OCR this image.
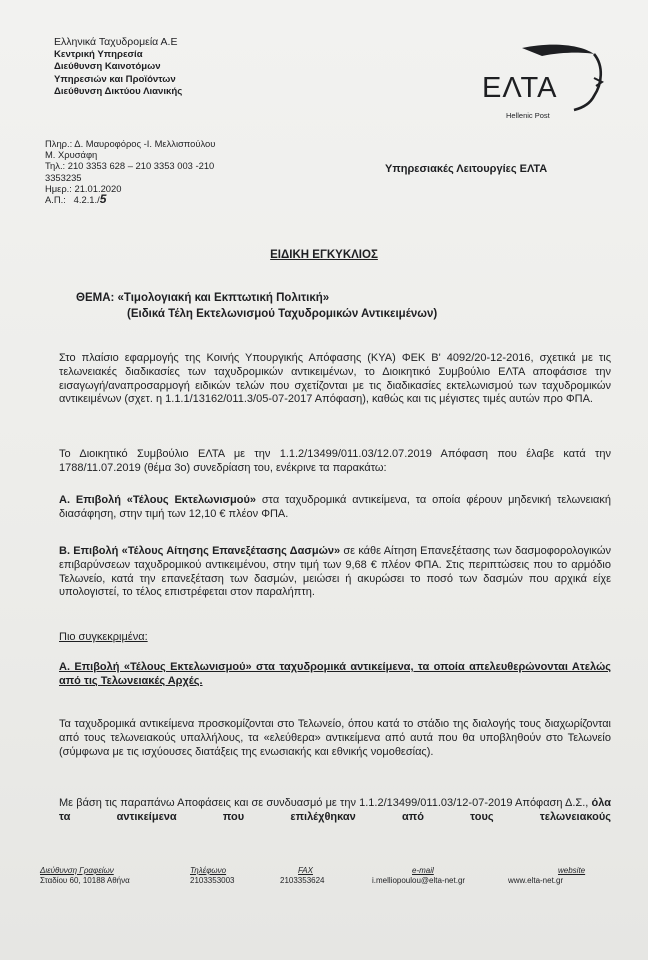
Ελληνικά Ταχυδρομεία Α.Ε
Κεντρική Υπηρεσία
Διεύθυνση Καινοτόμων
Υπηρεσιών και Προϊόντων
Διεύθυνση Δικτύου Λιανικής	ΕΛΤΑ
Hellenic Post
Πληρ.: Δ. Μαυροφόρος -Ι. Μελλισπούλου
Μ. Χρυσάφη
Τηλ.: 210 3353 628 – 210 3353 003 -210
3353235
Ημερ.: 21.01.2020
Α.Π.: 4.2.1./5
Υπηρεσιακές Λειτουργίες ΕΛΤΑ
ΕΙΔΙΚΗ ΕΓΚΥΚΛΙΟΣ
ΘΕΜΑ: «Τιμολογιακή και Εκπτωτική Πολιτική»
(Ειδικά Τέλη Εκτελωνισμού Ταχυδρομικών Αντικειμένων)
Στο πλαίσιο εφαρμογής της Κοινής Υπουργικής Απόφασης (ΚΥΑ) ΦΕΚ Β' 4092/20-12-2016, σχετικά με τις τελωνειακές διαδικασίες των ταχυδρομικών αντικειμένων, το Διοικητικό Συμβούλιο ΕΛΤΑ αποφάσισε την εισαγωγή/αναπροσαρμογή ειδικών τελών που σχετίζονται με τις διαδικασίες εκτελωνισμού των ταχυδρομικών αντικειμένων (σχετ. η 1.1.1/13162/011.3/05-07-2017 Απόφαση), καθώς και τις μέγιστες τιμές αυτών προ ΦΠΑ.
Το Διοικητικό Συμβούλιο ΕΛΤΑ με την 1.1.2/13499/011.03/12.07.2019 Απόφαση που έλαβε κατά την 1788/11.07.2019 (θέμα 3ο) συνεδρίαση του, ενέκρινε τα παρακάτω:
Α. Επιβολή «Τέλους Εκτελωνισμού» στα ταχυδρομικά αντικείμενα, τα οποία φέρουν μηδενική τελωνειακή διασάφηση, στην τιμή των 12,10 € πλέον ΦΠΑ.
Β. Επιβολή «Τέλους Αίτησης Επανεξέτασης Δασμών» σε κάθε Αίτηση Επανεξέτασης των δασμοφορολογικών επιβαρύνσεων ταχυδρομικού αντικειμένου, στην τιμή των 9,68 € πλέον ΦΠΑ. Στις περιπτώσεις που το αρμόδιο Τελωνείο, κατά την επανεξέταση των δασμών, μειώσει ή ακυρώσει το ποσό των δασμών που αρχικά είχε υπολογιστεί, το τέλος επιστρέφεται στον παραλήπτη.
Πιο συγκεκριμένα:
Α. Επιβολή «Τέλους Εκτελωνισμού» στα ταχυδρομικά αντικείμενα, τα οποία απελευθερώνονται Ατελώς από τις Τελωνειακές Αρχές.
Τα ταχυδρομικά αντικείμενα προσκομίζονται στο Τελωνείο, όπου κατά το στάδιο της διαλογής τους διαχωρίζονται από τους τελωνειακούς υπαλλήλους, τα «ελεύθερα» αντικείμενα από αυτά που θα υποβληθούν στο Τελωνείο (σύμφωνα με τις ισχύουσες διατάξεις της ενωσιακής και εθνικής νομοθεσίας).
Με βάση τις παραπάνω Αποφάσεις και σε συνδυασμό με την 1.1.2/13499/011.03/12-07-2019 Απόφαση Δ.Σ., όλα τα αντικείμενα που επιλέχθηκαν από τους τελωνειακούς
Διεύθυνση Γραφείων
Σταδίου 60, 10188 Αθήνα
Τηλέφωνο
2103353003
FAX
2103353624
e-mail
i.melliopoulou@elta-net.gr
website
www.elta-net.gr
